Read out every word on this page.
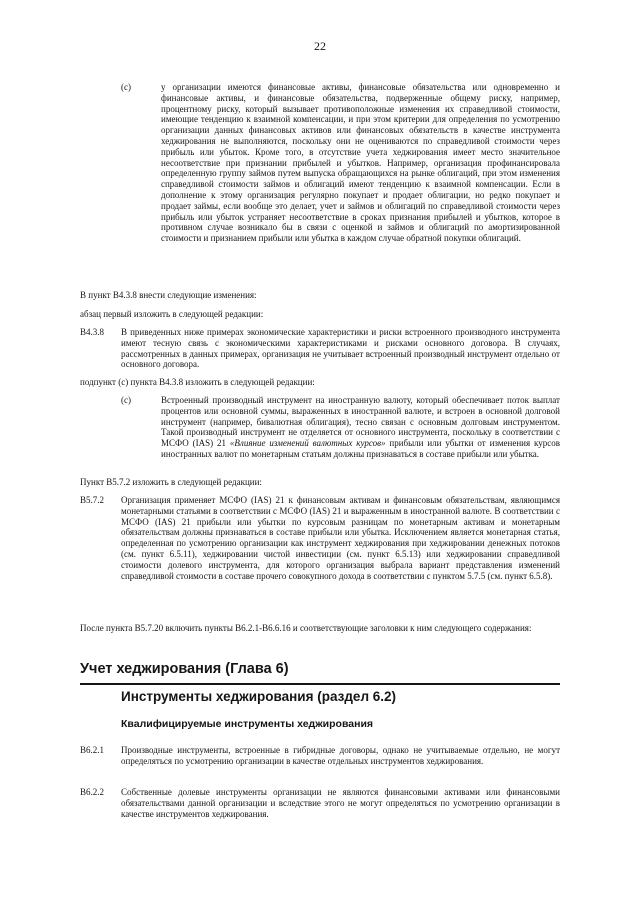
22
(с)	у организации имеются финансовые активы, финансовые обязательства или одновременно и финансовые активы, и финансовые обязательства, подверженные общему риску, например, процентному риску, который вызывает противоположные изменения их справедливой стоимости, имеющие тенденцию к взаимной компенсации, и при этом критерии для определения по усмотрению организации данных финансовых активов или финансовых обязательств в качестве инструмента хеджирования не выполняются, поскольку они не оцениваются по справедливой стоимости через прибыль или убыток. Кроме того, в отсутствие учета хеджирования имеет место значительное несоответствие при признании прибылей и убытков. Например, организация профинансировала определенную группу займов путем выпуска обращающихся на рынке облигаций, при этом изменения справедливой стоимости займов и облигаций имеют тенденцию к взаимной компенсации. Если в дополнение к этому организация регулярно покупает и продает облигации, но редко покупает и продает займы, если вообще это делает, учет и займов и облигаций по справедливой стоимости через прибыль или убыток устраняет несоответствие в сроках признания прибылей и убытков, которое в противном случае возникало бы в связи с оценкой и займов и облигаций по амортизированной стоимости и признанием прибыли или убытка в каждом случае обратной покупки облигаций.
В пункт В4.3.8 внести следующие изменения:
абзац первый изложить в следующей редакции:
В4.3.8 В приведенных ниже примерах экономические характеристики и риски встроенного производного инструмента имеют тесную связь с экономическими характеристиками и рисками основного договора. В случаях, рассмотренных в данных примерах, организация не учитывает встроенный производный инструмент отдельно от основного договора.
подпункт (с) пункта В4.3.8 изложить в следующей редакции:
(с)	Встроенный производный инструмент на иностранную валюту, который обеспечивает поток выплат процентов или основной суммы, выраженных в иностранной валюте, и встроен в основной долговой инструмент (например, бивалютная облигация), тесно связан с основным долговым инструментом. Такой производный инструмент не отделяется от основного инструмента, поскольку в соответствии с МСФО (IAS) 21 «Влияние изменений валютных курсов» прибыли или убытки от изменения курсов иностранных валют по монетарным статьям должны признаваться в составе прибыли или убытка.
Пункт В5.7.2 изложить в следующей редакции:
В5.7.2 Организация применяет МСФО (IAS) 21 к финансовым активам и финансовым обязательствам, являющимся монетарными статьями в соответствии с МСФО (IAS) 21 и выраженным в иностранной валюте. В соответствии с МСФО (IAS) 21 прибыли или убытки по курсовым разницам по монетарным активам и монетарным обязательствам должны признаваться в составе прибыли или убытка. Исключением является монетарная статья, определенная по усмотрению организации как инструмент хеджирования при хеджировании денежных потоков (см. пункт 6.5.11), хеджировании чистой инвестиции (см. пункт 6.5.13) или хеджировании справедливой стоимости долевого инструмента, для которого организация выбрала вариант представления изменений справедливой стоимости в составе прочего совокупного дохода в соответствии с пунктом 5.7.5 (см. пункт 6.5.8).
После пункта В5.7.20 включить пункты В6.2.1-В6.6.16 и соответствующие заголовки к ним следующего содержания:
Учет хеджирования (Глава 6)
Инструменты хеджирования (раздел 6.2)
Квалифицируемые инструменты хеджирования
В6.2.1 Производные инструменты, встроенные в гибридные договоры, однако не учитываемые отдельно, не могут определяться по усмотрению организации в качестве отдельных инструментов хеджирования.
В6.2.2 Собственные долевые инструменты организации не являются финансовыми активами или финансовыми обязательствами данной организации и вследствие этого не могут определяться по усмотрению организации в качестве инструментов хеджирования.
